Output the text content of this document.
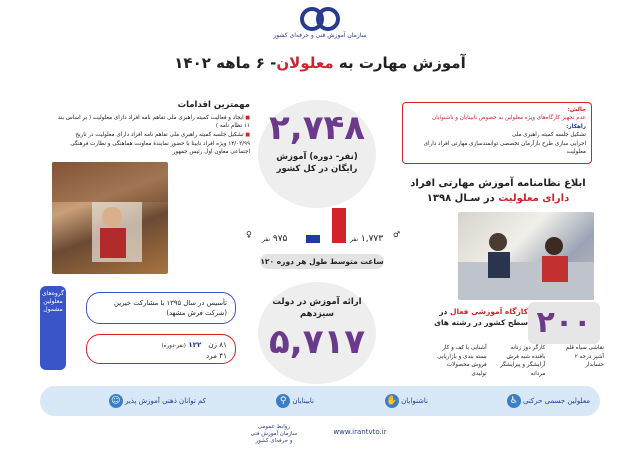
سازمان آموزش فنی و حرفه‌ای کشور
آموزش مهارت به معلولان- ۶ ماهه ۱۴۰۲
مهمترین اقدامات
■ ایجاد و فعالیت کمیته راهبری ملی تفاهم نامه افراد دارای معلولیت ( بر اساس بند ۱۱ نظام نامه )
■ تشکیل جلسه کمیته راهبری ملی تفاهم نامه افراد دارای معلولیت در تاریخ ۱۴/۰۲/۹۹ ویژه افراد نابینا با حضور نمایندۀ معاونت هماهنگی و نظارت فرهنگی اجتماعی معاون اول رئیس جمهور
۲,۷۴۸
(نفر- دوره) آموزش رایگان در کل کشور
♀	۹۷۵ نفر	۱,۷۷۳ نفر
♂
۱۲۰ ساعت متوسط طول هر دوره
ارائه آموزش در دولت سیزدهم
۵,۷۱۷
چالش:
عدم تجهیز کارگاه‌های ویژه معلولین به خصوص نابینایان و ناشنوایان
راهکار:
تشکیل جلسه کمیته راهبری ملی
اجرایی سازی طرح بازآرمان تخصصی توانمندسازی مهارتی افراد دارای معلولیت
ابلاغ نظامنامه آموزش مهارتی افراد
دارای معلولیت در سـال ۱۳۹۸
۲۰۰
کارگاه آموزشی فعال در سطح کشور در رشته های
نقاشی سیاه قلم
کارگر دوز زنانه
آشنایی با کف و کار
آشپز درجه ۲
بافنده شبه فرش
بسته بندی و بازاریابی
حسابدار
آرایشگر و پیرایشگر مردانه
فروش محصولات تولیدی
گروه‌های معلولین مشمول
تأسیس در سال ۱۳۹۵ با مشارکت خیرین (شرکت فرش مشهد)
۸۱ زن   ۱۲۲ (نفر-دوره)
۴۱ مرد
معلولین جسمی حرکتی ♿
ناشنوایان ✋
نابینایان ⚲
کم توانان ذهنی آموزش پذیر ☺
روابط عمومی سازمان آموزش فنی و حرفه‌ای کشور
www.irantvto.ir
